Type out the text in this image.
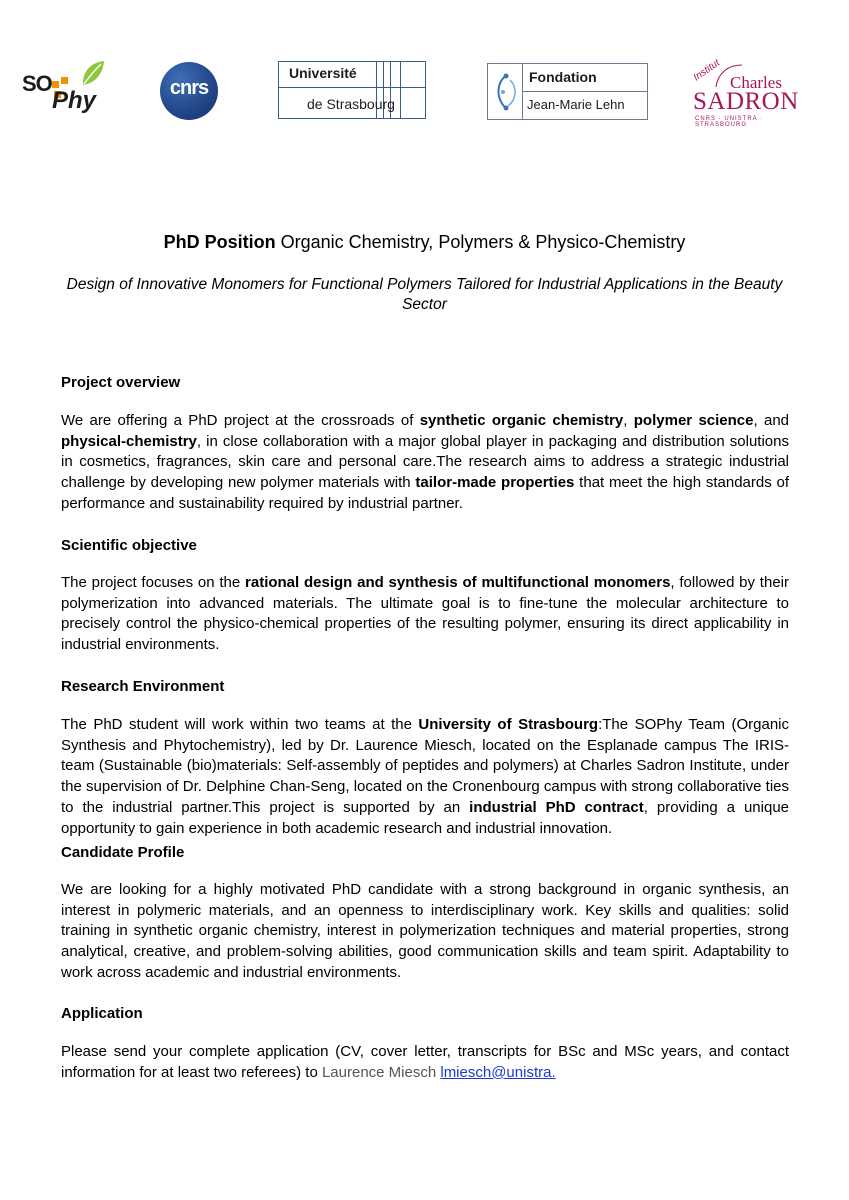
SO
Phy	cnrs
Université
de Strasbourg
Fondation
Jean-Marie Lehn
Institut Charles
SADRON
CNRS · UNISTRA · STRASBOURG
PhD Position Organic Chemistry, Polymers & Physico-Chemistry
Design of Innovative Monomers for Functional Polymers Tailored for Industrial Applications in the Beauty Sector
Project overview
We are offering a PhD project at the crossroads of synthetic organic chemistry, polymer science, and physical-chemistry, in close collaboration with a major global player in packaging and distribution solutions in cosmetics, fragrances, skin care and personal care.The research aims to address a strategic industrial challenge by developing new polymer materials with tailor-made properties that meet the high standards of performance and sustainability required by industrial partner.
Scientific objective
The project focuses on the rational design and synthesis of multifunctional monomers, followed by their polymerization into advanced materials. The ultimate goal is to fine-tune the molecular architecture to precisely control the physico-chemical properties of the resulting polymer, ensuring its direct applicability in industrial environments.
Research Environment
The PhD student will work within two teams at the University of Strasbourg:The SOPhy Team (Organic Synthesis and Phytochemistry), led by Dr. Laurence Miesch, located on the Esplanade campus The IRIS-team (Sustainable (bio)materials: Self-assembly of peptides and polymers) at Charles Sadron Institute, under the supervision of Dr. Delphine Chan-Seng, located on the Cronenbourg campus with strong collaborative ties to the industrial partner.This project is supported by an industrial PhD contract, providing a unique opportunity to gain experience in both academic research and industrial innovation.
Candidate Profile
We are looking for a highly motivated PhD candidate with a strong background in organic synthesis, an interest in polymeric materials, and an openness to interdisciplinary work. Key skills and qualities: solid training in synthetic organic chemistry, interest in polymerization techniques and material properties, strong analytical, creative, and problem-solving abilities, good communication skills and team spirit. Adaptability to work across academic and industrial environments.
Application
Please send your complete application (CV, cover letter, transcripts for BSc and MSc years, and contact information for at least two referees) to Laurence Miesch lmiesch@unistra.
